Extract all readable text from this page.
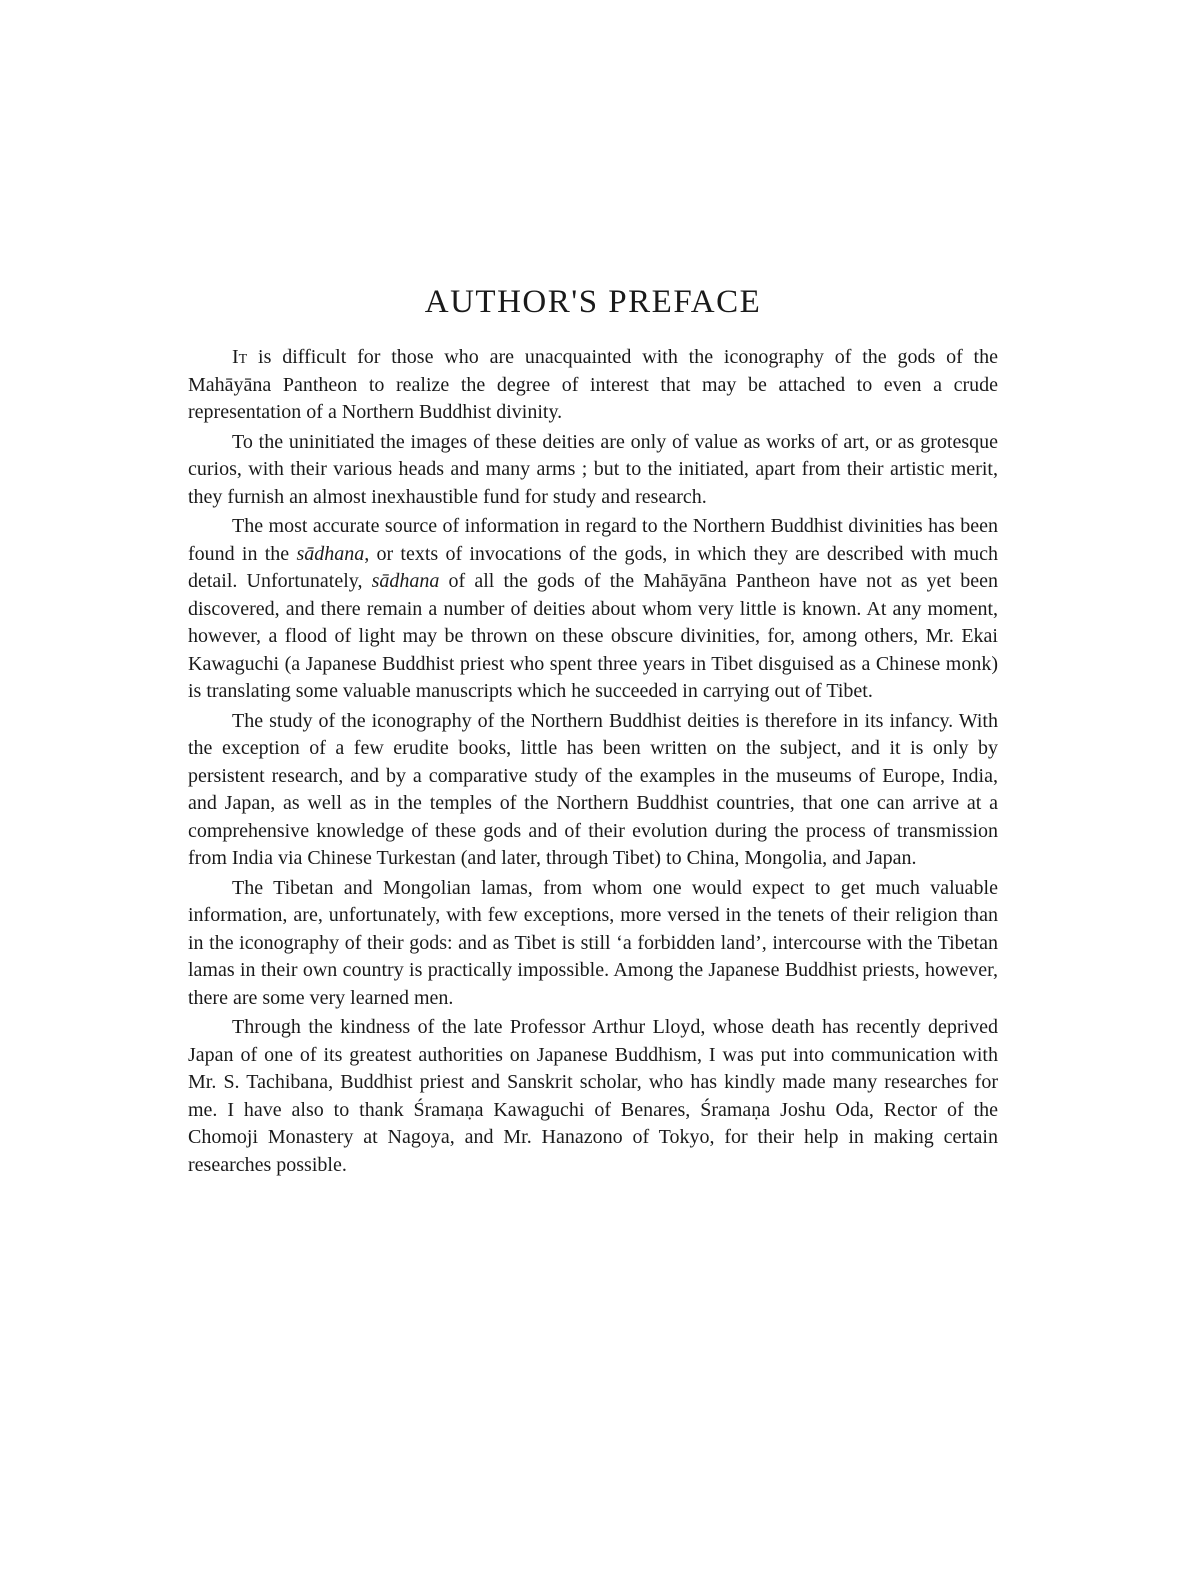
AUTHOR'S PREFACE

It is difficult for those who are unacquainted with the iconography of the gods of the Mahāyāna Pantheon to realize the degree of interest that may be attached to even a crude representation of a Northern Buddhist divinity.

To the uninitiated the images of these deities are only of value as works of art, or as grotesque curios, with their various heads and many arms ; but to the initiated, apart from their artistic merit, they furnish an almost inexhaustible fund for study and research.

The most accurate source of information in regard to the Northern Buddhist divinities has been found in the sādhana, or texts of invocations of the gods, in which they are described with much detail. Unfortunately, sādhana of all the gods of the Mahāyāna Pantheon have not as yet been discovered, and there remain a number of deities about whom very little is known. At any moment, however, a flood of light may be thrown on these obscure divinities, for, among others, Mr. Ekai Kawaguchi (a Japanese Buddhist priest who spent three years in Tibet disguised as a Chinese monk) is translating some valuable manuscripts which he succeeded in carrying out of Tibet.

The study of the iconography of the Northern Buddhist deities is therefore in its infancy. With the exception of a few erudite books, little has been written on the subject, and it is only by persistent research, and by a comparative study of the examples in the museums of Europe, India, and Japan, as well as in the temples of the Northern Buddhist countries, that one can arrive at a comprehensive knowledge of these gods and of their evolution during the process of transmission from India via Chinese Turkestan (and later, through Tibet) to China, Mongolia, and Japan.

The Tibetan and Mongolian lamas, from whom one would expect to get much valuable information, are, unfortunately, with few exceptions, more versed in the tenets of their religion than in the iconography of their gods: and as Tibet is still ‘a forbidden land’, intercourse with the Tibetan lamas in their own country is practically impossible. Among the Japanese Buddhist priests, however, there are some very learned men.

Through the kindness of the late Professor Arthur Lloyd, whose death has recently deprived Japan of one of its greatest authorities on Japanese Buddhism, I was put into communication with Mr. S. Tachibana, Buddhist priest and Sanskrit scholar, who has kindly made many researches for me. I have also to thank Śramaṇa Kawaguchi of Benares, Śramaṇa Joshu Oda, Rector of the Chomoji Monastery at Nagoya, and Mr. Hanazono of Tokyo, for their help in making certain researches possible.
